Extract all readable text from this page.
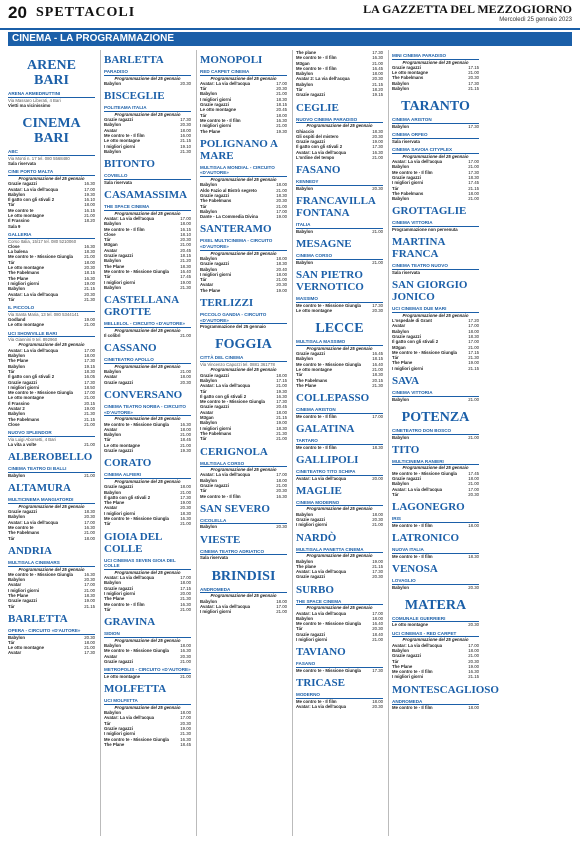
20 SPETTACOLI	LA GAZZETTA DEL MEZZOGIORNO
Mercoledì 25 gennaio 2023
CINEMA - LA PROGRAMMAZIONE
ARENE BARI
ARENA ARMEDRUTTINI
Via Massaro Liberati, 4 Bari
Vietti ma vicinissimo
CINEMA BARI
ABC
Via Monti n. 17 tel. 080 5568480
Sala riservata
CINE PORTO MALTA
Programmazione del 25 gennaio
Grazie ragazzi	16.30
Avatar: La via dell'acqua	17.00
Babylon	19.30
Il gatto con gli stivali 2	16.10
Tár	18.00
Me contro te	16.15
Le otto montagne	21.00
Il Frassino	18.20
Sala 9
GALLERIA
Corso Italia, 15/17 tel. 080 5210060
Close	16.30
La balena	18.30
Me contro te - Missione Giungla	21.00
Tár	18.00
Le otto montagne	20.30
The Fabelmans	18.15
The Plane	16.30
I migliori giorni	19.00
Babylon	21.15
Avatar: La via dell'acqua	20.30
Tár	21.30
IL PICCOLO
Via Santa Maria, 13 tel. 080 5344141
Godland	19.00
Le otto montagne	21.00
UCI SHOWVILLE BARI
Via Giannini 9 tel. 892960
Programmazione del 25 gennaio
Avatar: La via dell'acqua	17.00
Babylon	18.00
The Plane	17.30
Babylon	19.15
Tár	18.30
Il gatto con gli stivali 2	16.05
Grazie ragazzi	17.30
I migliori giorni	18.50
Me contro te - Missione Giungla	17.00
Le otto montagne	21.00
Il Frassino	20.15
Avatar 2	19.00
Babylon	21.30
The Fabelmans	21.15
Close	21.00
NUOVO SPLENDOR
Via Luigi Aborsetti, 4 Bari
La vita a volte	21.00
ALBEROBELLO
CINEMA TEATRO DI BALLI
Babylon	21.00
ALTAMURA
MULTICINEMA MANGIATORDI
Programmazione del 25 gennaio
Grazie ragazzi	18.30
Babylon	20.30
Avatar: La via dell'acqua	17.00
Me contro te	16.30
The Fabelmans	21.00
Tár	18.00
ANDRIA
MULTISALA CINEMARS
Programmazione del 25 gennaio
Me contro te - Missione Giungla	16.30
Babylon	20.30
Avatar	17.00
I migliori giorni	21.00
The Plane	18.30
Grazie ragazzi	19.00
Tár	21.15
BARLETTA
OPERA - CIRCUITO «D'AUTORE»
Babylon	20.30
Tár	18.00
Le otto montagne	21.00
Avatar	17.30
BARLETTA
PARADISO
Programmazione del 25 gennaio
Babylon	20.30
BISCEGLIE
POLITEAMA ITALIA
Programmazione del 25 gennaio
Grazie ragazzi	17.30
Babylon	20.30
Avatar	18.00
Me contro te - Il film	16.00
Le otto montagne	21.15
I migliori giorni	19.10
Babylon	21.30
BITONTO
COVIELLO
Sala riservata
CASAMASSIMA
THE SPACE CINEMA
Programmazione del 25 gennaio
Avatar: La via dell'acqua	17.00
Babylon	18.00
Me contro te - Il film	16.15
Close	18.10
Tár	20.30
M3gan	21.00
Avatar	20.45
Grazie ragazzi	18.15
Babylon	21.20
The Plane	18.30
Me contro te - Missione Giungla	16.40
Tár	17.45
I migliori giorni	19.00
Babylon	21.30
CASTELLANA GROTTE
MELLELOL - CIRCUITO «D'AUTORE»
Programmazione del 25 gennaio
Il colibrì	21.00
CASSANO
CINETEATRO APOLLO
Programmazione del 25 gennaio
Babylon	21.00
Avatar	18.00
Grazie ragazzi	20.30
CONVERSANO
CINEMA TEATRO NORBA - CIRCUITO «D'AUTORE»
Programmazione del 25 gennaio
Me contro te - Missione Giungla	16.30
Avatar	18.00
Babylon	21.00
Tár	18.45
Le otto montagne	21.00
Grazie ragazzi	19.30
CORATO
CINEMA ALFIERI
Programmazione del 25 gennaio
Grazie ragazzi	18.00
Babylon	21.00
Il gatto con gli stivali 2	17.30
The Plane	19.00
Avatar	20.30
I migliori giorni	18.30
Me contro te - Missione Giungla	16.30
Tár	21.00
GIOIA DEL COLLE
UCI CINEMAS SEVEN GIOIA DEL COLLE
Programmazione del 25 gennaio
Avatar: La via dell'acqua	17.00
Babylon	18.00
Grazie ragazzi	17.15
I migliori giorni	20.00
The Plane	21.30
Me contro te - Il film	16.30
Tár	21.00
GRAVINA
SIDION
Programmazione del 25 gennaio
Babylon	18.00
Me contro te - Missione Giungla	16.30
Avatar	20.30
Grazie ragazzi	21.00
METROPOLIS - CIRCUITO «D'AUTORE»
Le otto montagne	21.00
MOLFETTA
UCI MOLFETTA
Programmazione del 25 gennaio
Babylon	18.00
Avatar: La via dell'acqua	17.00
Tár	20.30
Grazie ragazzi	19.00
I migliori giorni	21.30
Me contro te - Missione Giungla	16.30
The Plane	18.45
MONOPOLI
RED CARPET CINEMA
Programmazione del 25 gennaio
Avatar: La via dell'acqua	17.00
Tár	20.30
Babylon	21.00
I migliori giorni	18.30
Grazie ragazzi	18.15
Le otto montagne	20.45
Tár	18.00
Me contro te - Il film	16.30
I migliori giorni	21.00
The Plane	19.30
POLIGNANO A MARE
MULTISALA MONDIAL - CIRCUITO «D'AUTORE»
Programmazione del 25 gennaio
Babylon	18.00
Aldo Fazio al Bistrò segreto	21.00
Grazie ragazzi	18.30
The Fabelmans	20.30
Tár	21.00
Babylon	17.00
Dante - La Commedia Divina	19.00
SANTERAMO
PIXEL MULTICINEMA - CIRCUITO «D'AUTORE»
Programmazione del 25 gennaio
Babylon	18.00
Grazie ragazzi	18.30
Babylon	20.40
I migliori giorni	18.00
Tár	21.00
Avatar	20.30
The Plane	19.00
TERLIZZI
PICCOLO GANDIA - CIRCUITO «D'AUTORE»
Programmazione del 25 gennaio
FOGGIA
CITTÀ DEL CINEMA
Via Vincenzo Capozzi tel. 0881 361778
Programmazione del 25 gennaio
Grazie ragazzi	18.00
Babylon	17.15
Avatar: La via dell'acqua	21.00
Tár	19.30
Il gatto con gli stivali 2	16.30
Me contro te - Missione Giungla	17.30
Grazie ragazzi	20.45
Avatar	18.00
M3gan	21.15
Babylon	19.00
I migliori giorni	18.30
The Fabelmans	21.30
Tár	21.00
CERIGNOLA
MULTISALA CORSO
Programmazione del 25 gennaio
Avatar: La via dell'acqua	17.00
Babylon	18.00
Grazie ragazzi	21.00
Tár	20.30
Me contro te - Il film	16.30
SAN SEVERO
CICOLELLA
Babylon	20.30
VIESTE
CINEMA TEATRO ADRIATICO
Sala riservata
BRINDISI
ANDROMEDA
Programmazione del 25 gennaio
Babylon	18.00
Avatar: La via dell'acqua	17.00
I migliori giorni	21.00
The plane	17.30
Me contro te - Il film	16.30
M3gan	21.00
Me contro te - Il film	16.45
Babylon	18.00
Avatar 2: La via dell'acqua	20.30
Babylon	21.15
Tár	18.20
Grazie ragazzi	19.15
CEGLIE
NUOVO CINEMA PARADISO
Programmazione del 25 gennaio
Ghiaccio	18.30
Gli ospiti del mistero	20.30
Grazie ragazzi	19.00
Il gatto con gli stivali 2	17.30
Avatar: La via dell'acqua	16.30
L'ordine del tempo	21.00
FASANO
KENNEDY
Babylon	20.30
FRANCAVILLA FONTANA
ITALIA
Babylon	21.00
MESAGNE
CINEMA CORSO
Babylon	21.00
SAN PIETRO VERNOTICO
MASSIMO
Me contro te - Missione Giungla	17.30
Le otto montagne	20.30
LECCE
MULTISALA MASSIMO
Programmazione del 25 gennaio
Grazie ragazzi	16.45
Babylon	18.15
Me contro te - Missione Giungla	16.40
Le otto montagne	21.00
Tár	18.30
The Fabelmans	20.15
The Plane	21.30
COLLEPASSO
CINEMA ARISTON
Me contro te - Il film	17.00
GALATINA
TARTARO
Me contro te - Il film	18.30
GALLIPOLI
CINETEATRO TITO SCHIPA
Avatar: La via dell'acqua	20.00
MAGLIE
CINEMA MODERNO
Programmazione del 25 gennaio
Babylon	18.00
Grazie ragazzi	20.30
I migliori giorni	21.00
NARDÒ
MULTISALA PANETTA CINEMA
Programmazione del 25 gennaio
Babylon	19.00
The plane	21.15
Avatar: La via dell'acqua	17.30
Grazie ragazzi	20.30
SURBO
THE SPACE CINEMA
Programmazione del 25 gennaio
Avatar: La via dell'acqua	17.00
Babylon	18.00
Me contro te - Missione Giungla	16.40
Tár	20.30
Grazie ragazzi	18.40
I migliori giorni	21.00
TAVIANO
FASANO
Me contro te - Missione Giungla	17.30
TRICASE
MODERNO
Me contro te - Il film	18.00
Avatar: La via dell'acqua	20.30
MINI CINEMA PARADISO
Programmazione del 25 gennaio
Grazie ragazzi	17.15
Le otto montagne	21.00
The Fabelmans	20.30
Babylon	17.30
Babylon	21.15
TARANTO
CINEMA ARISTON
Babylon	17.30
CINEMA ORFEO
Sala riservata
CINEMA SAVOIA CITYPLEX
Programmazione del 25 gennaio
Avatar: La via dell'acqua	17.00
Babylon	21.00
Me contro te - Il film	17.30
Grazie ragazzi	18.30
I migliori giorni	17.45
Tár	21.15
The Fabelmans	18.00
Babylon	21.00
GROTTAGLIE
CINEMA VITTORIA
Programmazione non pervenuta
MARTINA FRANCA
CINEMA TEATRO NUOVO
Sala riservata
SAN GIORGIO JONICO
UCI CINEMAS DUE MARI
Programmazione del 25 gennaio
L'ospedale di Grant	17.20
Avatar	17.00
Babylon	18.00
Grazie ragazzi	18.30
Il gatto con gli stivali 2	17.00
M3gan	21.00
Me contro te - Missione Giungla	17.15
Tár	21.30
The Plane	19.00
I migliori giorni	21.15
SAVA
CINEMA VITTORIA
Babylon	21.00
POTENZA
CINETEATRO DON BOSCO
Babylon	21.00
TITO
MULTICINEMA RANIERI
Programmazione del 25 gennaio
Me contro te - Missione Giungla	17.45
Grazie ragazzi	18.00
Babylon	21.00
Avatar: La via dell'acqua	17.00
Tár	20.30
LAGONEGRO
IRIS
Me contro te - Il film	18.00
LATRONICO
NUOVA ITALIA
Me contro te - Il film	18.30
VENOSA
LOVAGLIO
Babylon	20.30
MATERA
COMUNALE GUERRIERI
Le otto montagne	20.30
UCI CINEMAS - RED CARPET
Programmazione del 25 gennaio
Avatar: La via dell'acqua	17.00
Babylon	18.00
Grazie ragazzi	21.00
Tár	20.30
The Plane	19.00
Me contro te - Il film	16.30
I migliori giorni	21.15
MONTESCAGLIOSO
ANDROMEDA
Me contro te - Il film	18.00
